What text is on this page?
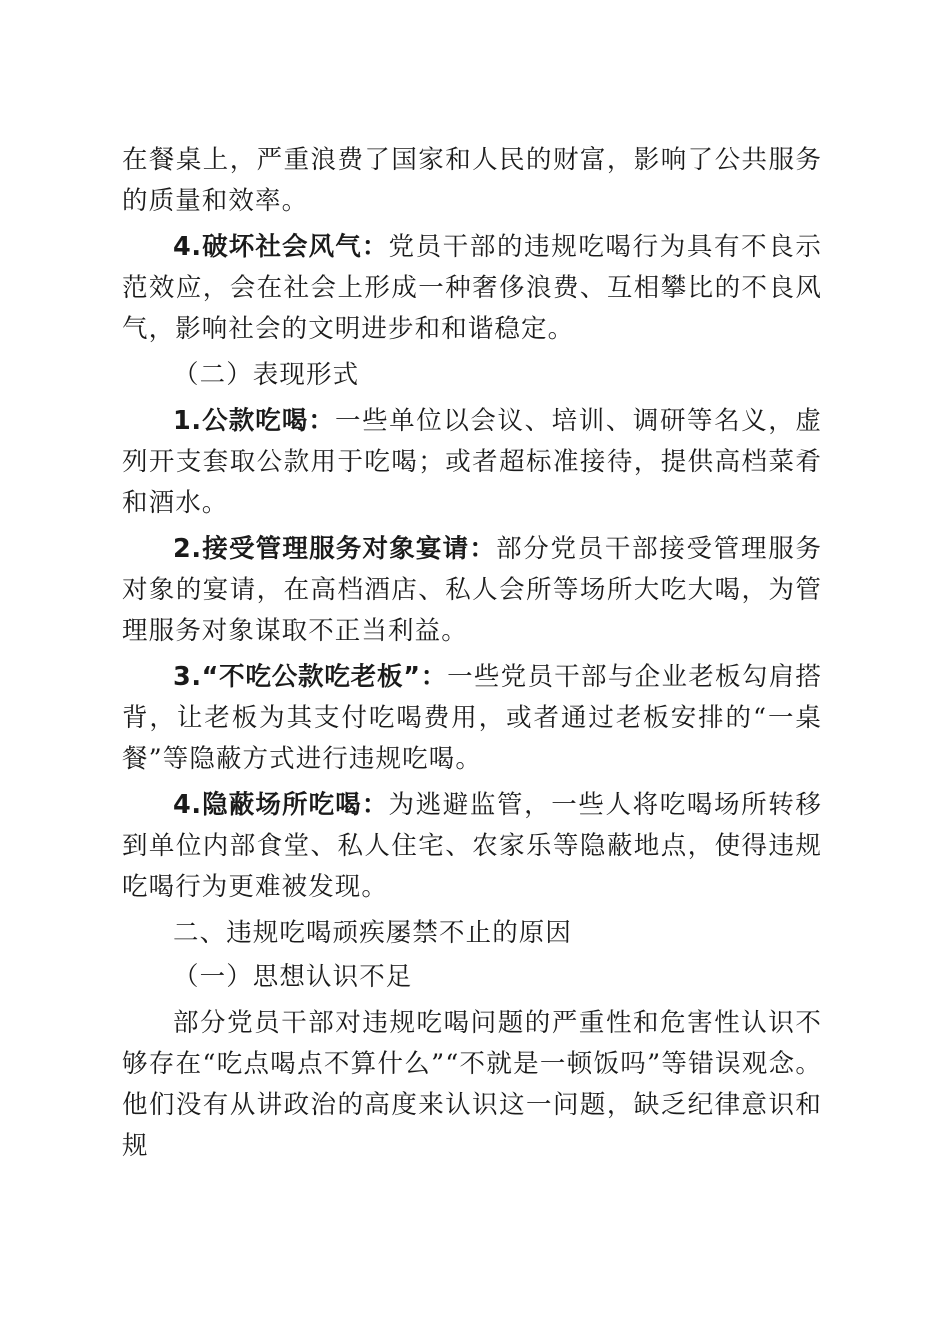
在餐桌上，严重浪费了国家和人民的财富，影响了公共服务的质量和效率。

4.破坏社会风气：党员干部的违规吃喝行为具有不良示范效应，会在社会上形成一种奢侈浪费、互相攀比的不良风气，影响社会的文明进步和和谐稳定。

（二）表现形式

1.公款吃喝：一些单位以会议、培训、调研等名义，虚列开支套取公款用于吃喝；或者超标准接待，提供高档菜肴和酒水。

2.接受管理服务对象宴请：部分党员干部接受管理服务对象的宴请，在高档酒店、私人会所等场所大吃大喝，为管理服务对象谋取不正当利益。

3.“不吃公款吃老板”：一些党员干部与企业老板勾肩搭背，让老板为其支付吃喝费用，或者通过老板安排的“一桌餐”等隐蔽方式进行违规吃喝。

4.隐蔽场所吃喝：为逃避监管，一些人将吃喝场所转移到单位内部食堂、私人住宅、农家乐等隐蔽地点，使得违规吃喝行为更难被发现。

二、违规吃喝顽疾屡禁不止的原因

（一）思想认识不足

部分党员干部对违规吃喝问题的严重性和危害性认识不够存在“吃点喝点不算什么”“不就是一顿饭吗”等错误观念。他们没有从讲政治的高度来认识这一问题，缺乏纪律意识和规
